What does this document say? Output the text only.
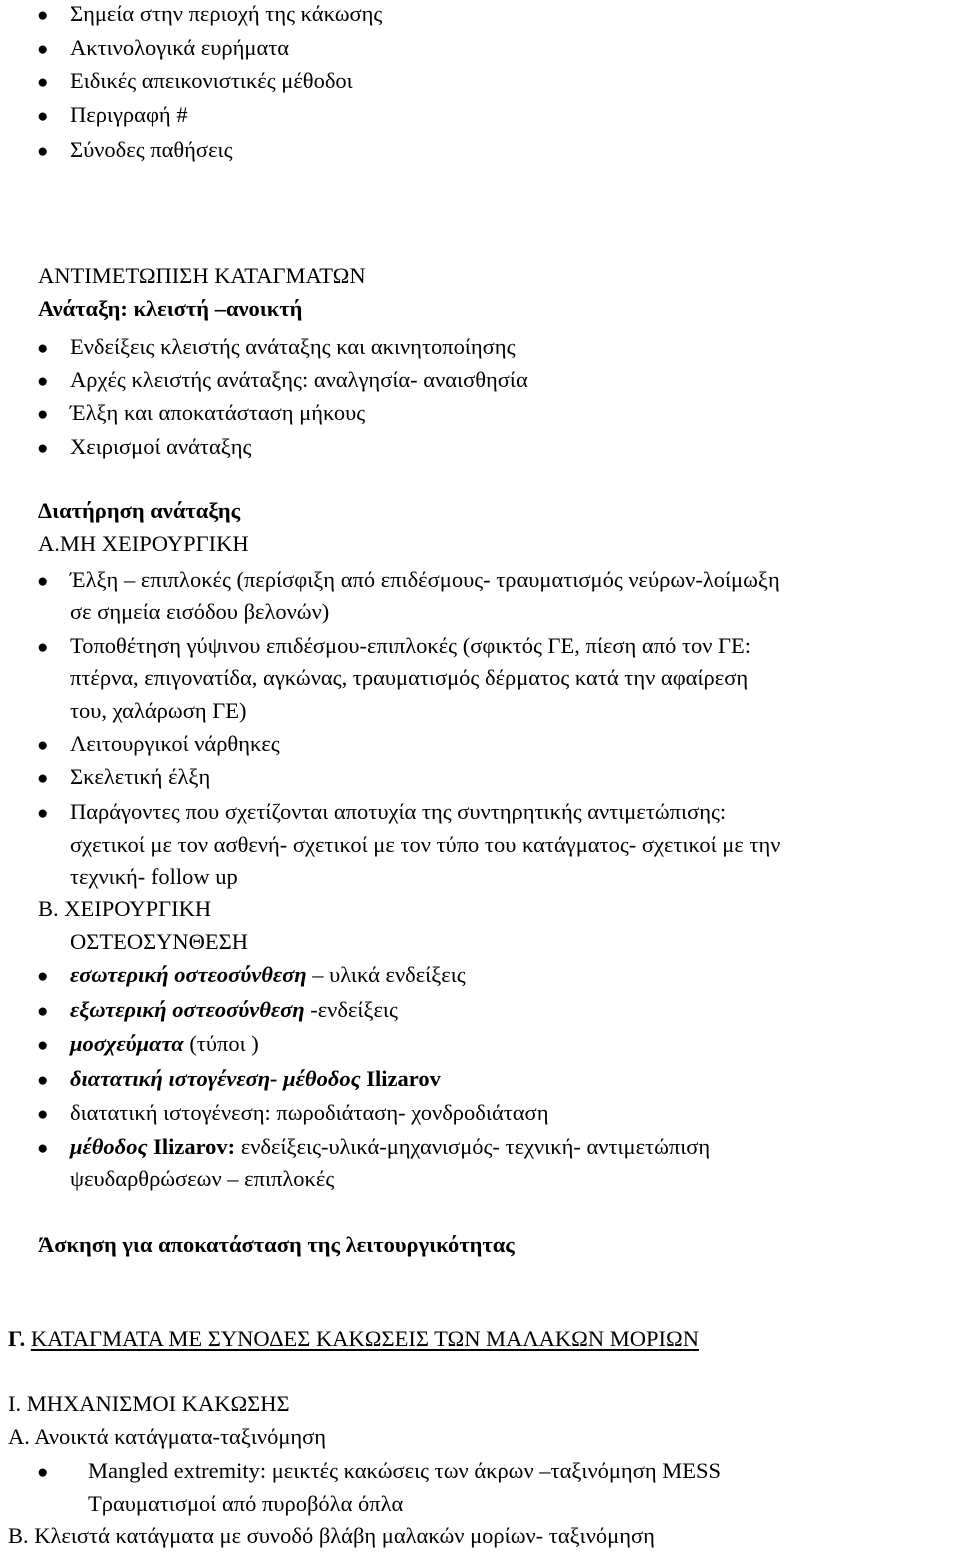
● Σημεία στην περιοχή της κάκωσης
● Ακτινολογικά ευρήματα
● Ειδικές απεικονιστικές μέθοδοι
● Περιγραφή #
● Σύνοδες παθήσεις
ΑΝΤΙΜΕΤΩΠΙΣΗ ΚΑΤΑΓΜΑΤΩΝ
Ανάταξη: κλειστή –ανοικτή
● Ενδείξεις κλειστής ανάταξης και ακινητοποίησης
● Αρχές κλειστής ανάταξης: αναλγησία- αναισθησία
● Έλξη και αποκατάσταση μήκους
● Χειρισμοί ανάταξης
Διατήρηση ανάταξης
Α.ΜΗ ΧΕΙΡΟΥΡΓΙΚΗ
● Έλξη – επιπλοκές (περίσφιξη από επιδέσμους- τραυματισμός νεύρων-λοίμωξη
σε σημεία εισόδου βελονών)
● Τοποθέτηση γύψινου επιδέσμου-επιπλοκές (σφικτός ΓΕ, πίεση από τον ΓΕ:
πτέρνα, επιγονατίδα, αγκώνας, τραυματισμός δέρματος κατά την αφαίρεση
του, χαλάρωση ΓΕ)
● Λειτουργικοί νάρθηκες
● Σκελετική έλξη
● Παράγοντες που σχετίζονται αποτυχία της συντηρητικής αντιμετώπισης:
σχετικοί με τον ασθενή- σχετικοί με τον τύπο του κατάγματος- σχετικοί με την
τεχνική- follow up
Β. ΧΕΙΡΟΥΡΓΙΚΗ
ΟΣΤΕΟΣΥΝΘΕΣΗ
● εσωτερική οστεοσύνθεση – υλικά ενδείξεις
● εξωτερική οστεοσύνθεση -ενδείξεις
● μοσχεύματα (τύποι )
● διατατική ιστογένεση- μέθοδος Ilizarov
● διατατική ιστογένεση: πωροδιάταση- χονδροδιάταση
● μέθοδος Ilizarov: ενδείξεις-υλικά-μηχανισμός- τεχνική- αντιμετώπιση
ψευδαρθρώσεων – επιπλοκές
Άσκηση για αποκατάσταση της λειτουργικότητας
Γ. ΚΑΤΑΓΜΑΤΑ ΜΕ ΣΥΝΟΔΕΣ ΚΑΚΩΣΕΙΣ ΤΩΝ ΜΑΛΑΚΩΝ ΜΟΡΙΩΝ
Ι. ΜΗΧΑΝΙΣΜΟΙ ΚΑΚΩΣΗΣ
Α. Ανοικτά κατάγματα-ταξινόμηση
● Mangled extremity: μεικτές κακώσεις των άκρων –ταξινόμηση MESS
Τραυματισμοί από πυροβόλα όπλα
Β. Κλειστά κατάγματα με συνοδό βλάβη μαλακών μορίων- ταξινόμηση
